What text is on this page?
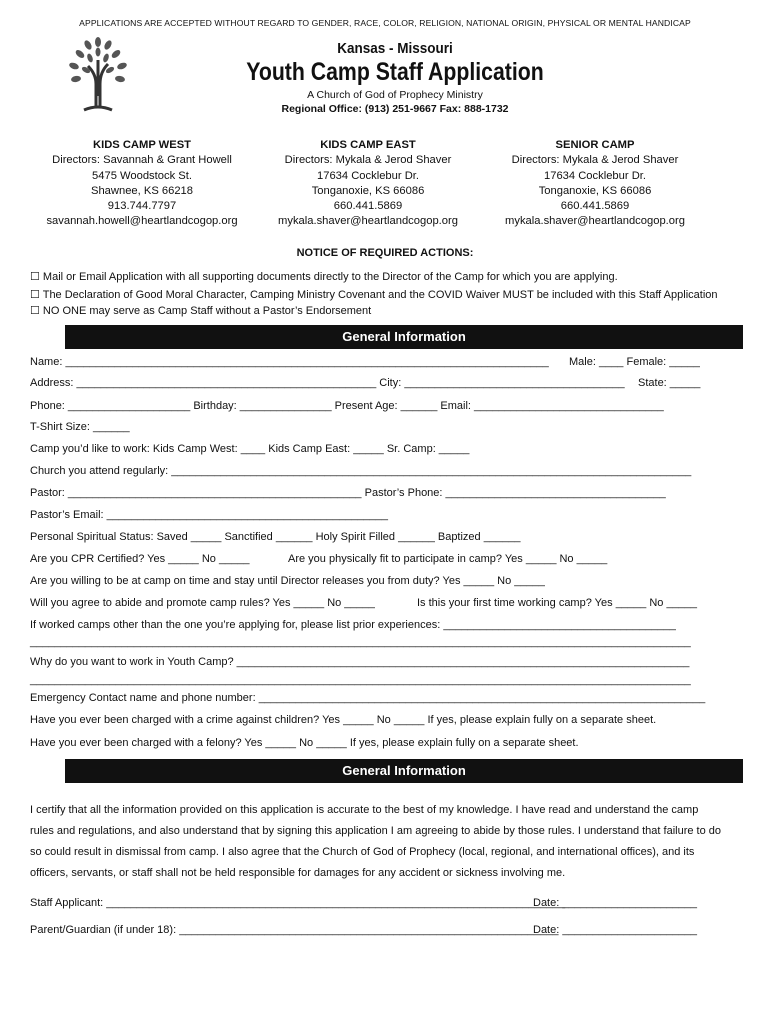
APPLICATIONS ARE ACCEPTED WITHOUT REGARD TO GENDER, RACE, COLOR, RELIGION, NATIONAL ORIGIN, PHYSICAL OR MENTAL HANDICAP
Kansas - Missouri
Youth Camp Staff Application
A Church of God of Prophecy Ministry
Regional Office: (913) 251-9667 Fax: 888-1732
KIDS CAMP WEST
Directors: Savannah & Grant Howell
5475 Woodstock St.
Shawnee, KS 66218
913.744.7797
savannah.howell@heartlandcogop.org
KIDS CAMP EAST
Directors: Mykala & Jerod Shaver
17634 Cocklebur Dr.
Tonganoxie, KS 66086
660.441.5869
mykala.shaver@heartlandcogop.org
SENIOR CAMP
Directors: Mykala & Jerod Shaver
17634 Cocklebur Dr.
Tonganoxie, KS 66086
660.441.5869
mykala.shaver@heartlandcogop.org
NOTICE OF REQUIRED ACTIONS:
☐ Mail or Email Application with all supporting documents directly to the Director of the Camp for which you are applying.
☐ The Declaration of Good Moral Character, Camping Ministry Covenant and the COVID Waiver MUST be included with this Staff Application
☐ NO ONE may serve as Camp Staff without a Pastor’s Endorsement
General Information
Name: _______________________________________________________________________________ Male: ____ Female: _____
Address: _________________________________________________ City: ____________________________________ State: _____
Phone: ____________________ Birthday: _______________ Present Age: ______ Email: _______________________________
T-Shirt Size: ______
Camp you’d like to work: Kids Camp West: ____ Kids Camp East: _____ Sr. Camp: _____
Church you attend regularly: _____________________________________________________________________________________
Pastor: ________________________________________________ Pastor’s Phone: ____________________________________
Pastor’s Email: ______________________________________________
Personal Spiritual Status: Saved _____ Sanctified ______ Holy Spirit Filled ______ Baptized ______
Are you CPR Certified? Yes _____ No _____	Are you physically fit to participate in camp? Yes _____ No _____
Are you willing to be at camp on time and stay until Director releases you from duty? Yes _____ No _____
Will you agree to abide and promote camp rules? Yes _____ No _____	Is this your first time working camp? Yes _____ No _____
If worked camps other than the one you’re applying for, please list prior experiences: ______________________________________
____________________________________________________________________________________________________________
Why do you want to work in Youth Camp? __________________________________________________________________________
____________________________________________________________________________________________________________
Emergency Contact name and phone number: _________________________________________________________________________
Have you ever been charged with a crime against children? Yes _____ No _____ If yes, please explain fully on a separate sheet.
Have you ever been charged with a felony? Yes _____ No _____ If yes, please explain fully on a separate sheet.
General Information
I certify that all the information provided on this application is accurate to the best of my knowledge. I have read and understand the camp
rules and regulations, and also understand that by signing this application I am agreeing to abide by those rules. I understand that failure to do
so could result in dismissal from camp. I also agree that the Church of God of Prophecy (local, regional, and international offices), and its
officers, servants, or staff shall not be held responsible for damages for any accident or sickness involving me.
Staff Applicant: ___________________________________________________________________________
Date: ______________________
Parent/Guardian (if under 18): ______________________________________________________________
Date: ______________________
